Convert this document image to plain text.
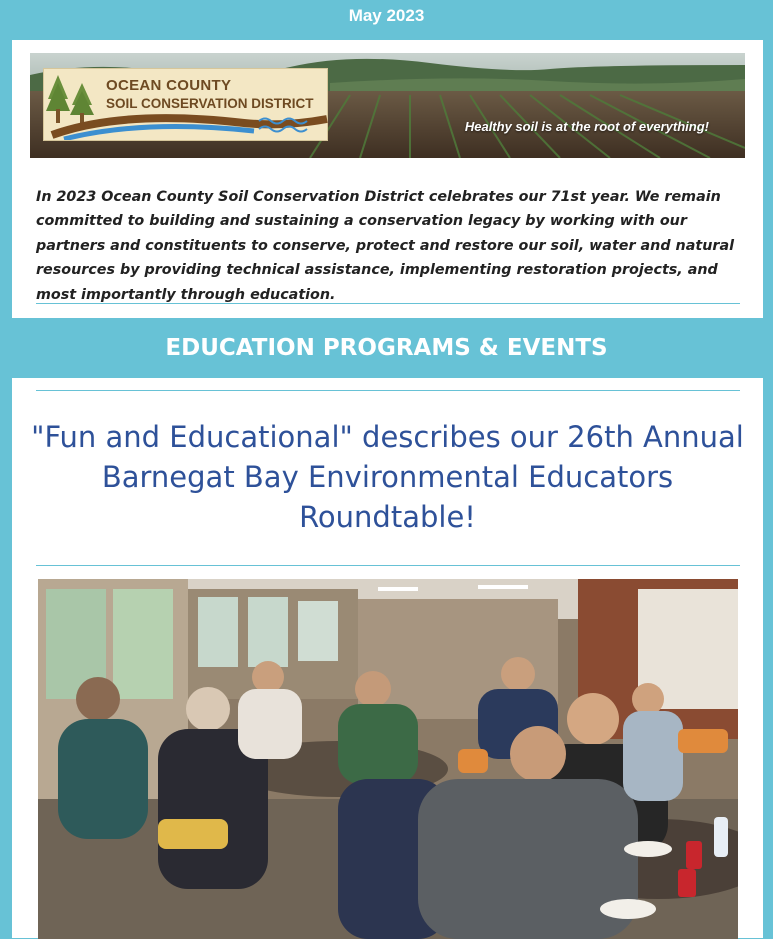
May 2023
OCEAN COUNTY
SOIL CONSERVATION DISTRICT
Healthy soil is at the root of everything!

In 2023 Ocean County Soil Conservation District celebrates our 71st year. We remain committed to building and sustaining a conservation legacy by working with our partners and constituents to conserve, protect and restore our soil, water and natural resources by providing technical assistance, implementing restoration projects, and most importantly through education.

EDUCATION PROGRAMS & EVENTS
"Fun and Educational" describes our 26th Annual Barnegat Bay Environmental Educators Roundtable!
